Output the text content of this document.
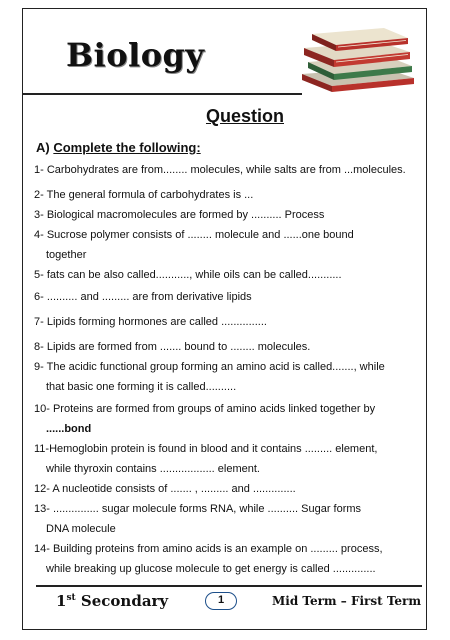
Biology
Question
A) Complete the following:
1- Carbohydrates are from........ molecules, while salts are from ...molecules.
2- The general formula of carbohydrates is ...
3- Biological macromolecules are formed by .......... Process
4- Sucrose polymer consists of ........ molecule and ......one bound
together
5- fats can be also called..........., while oils can be called...........
6- .......... and ......... are from derivative lipids
7- Lipids forming hormones are called ...............
8- Lipids are formed from ....... bound to ........ molecules.
9- The acidic functional group forming an amino acid is called......., while
that basic one forming it is called..........
10- Proteins are formed from groups of amino acids linked together by
......bond
11-Hemoglobin protein is found in blood and it contains ......... element,
while thyroxin contains .................. element.
12- A nucleotide consists of ....... , ......... and ..............
13- ............... sugar molecule forms RNA, while .......... Sugar forms
DNA molecule
14- Building proteins from amino acids is an example on ......... process,
while breaking up glucose molecule to get energy is called ..............
1st Secondary	1	Mid Term – First Term
